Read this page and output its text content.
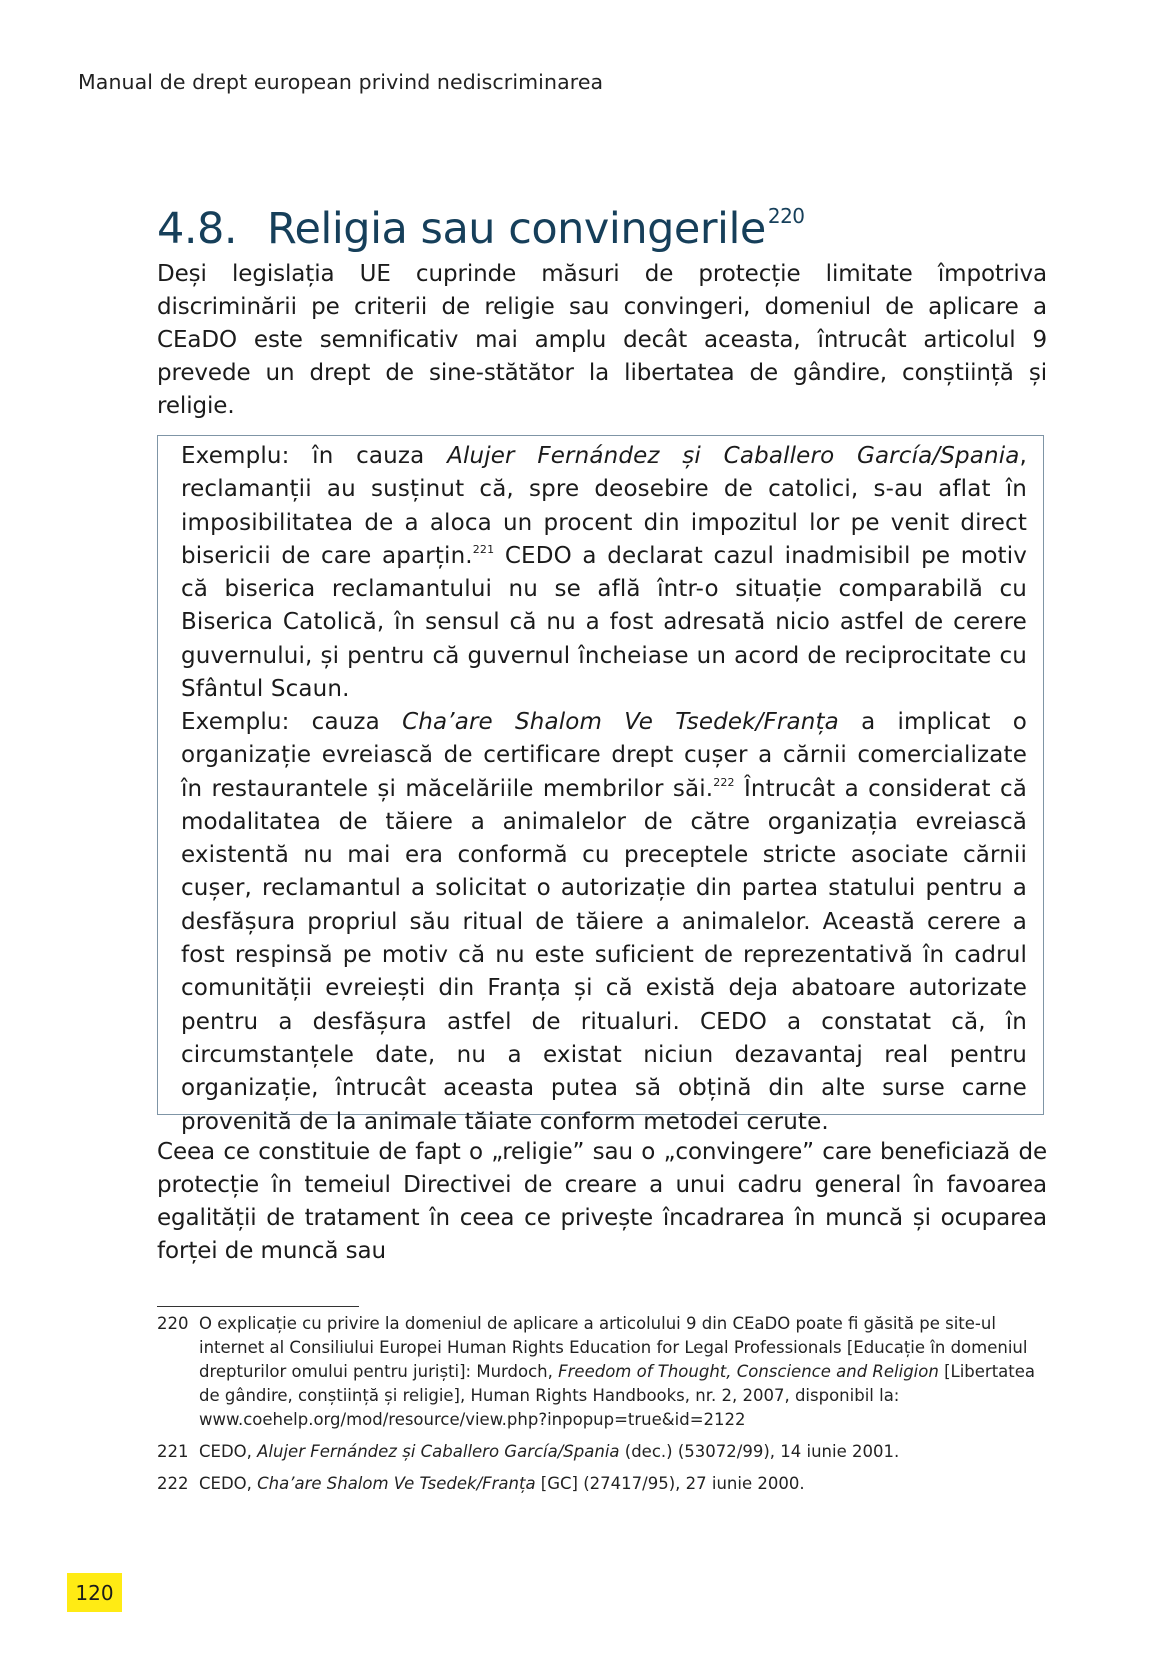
Manual de drept european privind nediscriminarea
4.8. Religia sau convingerile $^{220}$

Deși legislația UE cuprinde măsuri de protecție limitate împotriva discriminării pe criterii de religie sau convingeri, domeniul de aplicare a CEaDO este semnificativ mai amplu decât aceasta, întrucât articolul 9 prevede un drept de sine-stătător la libertatea de gândire, conștiință și religie.

Exemplu: în cauza Alujer Fernández și Caballero García/Spania, reclamanții au susținut că, spre deosebire de catolici, s-au aflat în imposibilitatea de a aloca un procent din impozitul lor pe venit direct bisericii de care aparțin.$^{221}$ CEDO a declarat cazul inadmisibil pe motiv că biserica reclamantului nu se află într-o situație comparabilă cu Biserica Catolică, în sensul că nu a fost adresată nicio astfel de cerere guvernului, și pentru că guvernul încheiase un acord de reciprocitate cu Sfântul Scaun.

Exemplu: cauza Cha’are Shalom Ve Tsedek/Franța a implicat o organizație evreiască de certificare drept cușer a cărnii comercializate în restaurantele și măcelăriile membrilor săi.$^{222}$ Întrucât a considerat că modalitatea de tăiere a animalelor de către organizația evreiască existentă nu mai era conformă cu preceptele stricte asociate cărnii cușer, reclamantul a solicitat o autorizație din partea statului pentru a desfășura propriul său ritual de tăiere a animalelor. Această cerere a fost respinsă pe motiv că nu este suficient de reprezentativă în cadrul comunității evreiești din Franța și că există deja abatoare autorizate pentru a desfășura astfel de ritualuri. CEDO a constatat că, în circumstanțele date, nu a existat niciun dezavantaj real pentru organizație, întrucât aceasta putea să obțină din alte surse carne provenită de la animale tăiate conform metodei cerute.

Ceea ce constituie de fapt o „religie” sau o „convingere” care beneficiază de protecție în temeiul Directivei de creare a unui cadru general în favoarea egalității de tratament în ceea ce privește încadrarea în muncă și ocuparea forței de muncă sau

220 O explicație cu privire la domeniul de aplicare a articolului 9 din CEaDO poate fi găsită pe site-ul internet al Consiliului Europei Human Rights Education for Legal Professionals [Educație în domeniul drepturilor omului pentru juriști]: Murdoch, Freedom of Thought, Conscience and Religion [Libertatea de gândire, conștiință și religie], Human Rights Handbooks, nr. 2, 2007, disponibil la: www.coehelp.org/mod/resource/view.php?inpopup=true&id=2122
221 CEDO, Alujer Fernández și Caballero García/Spania (dec.) (53072/99), 14 iunie 2001.
222 CEDO, Cha’are Shalom Ve Tsedek/Franța [GC] (27417/95), 27 iunie 2000.
120
